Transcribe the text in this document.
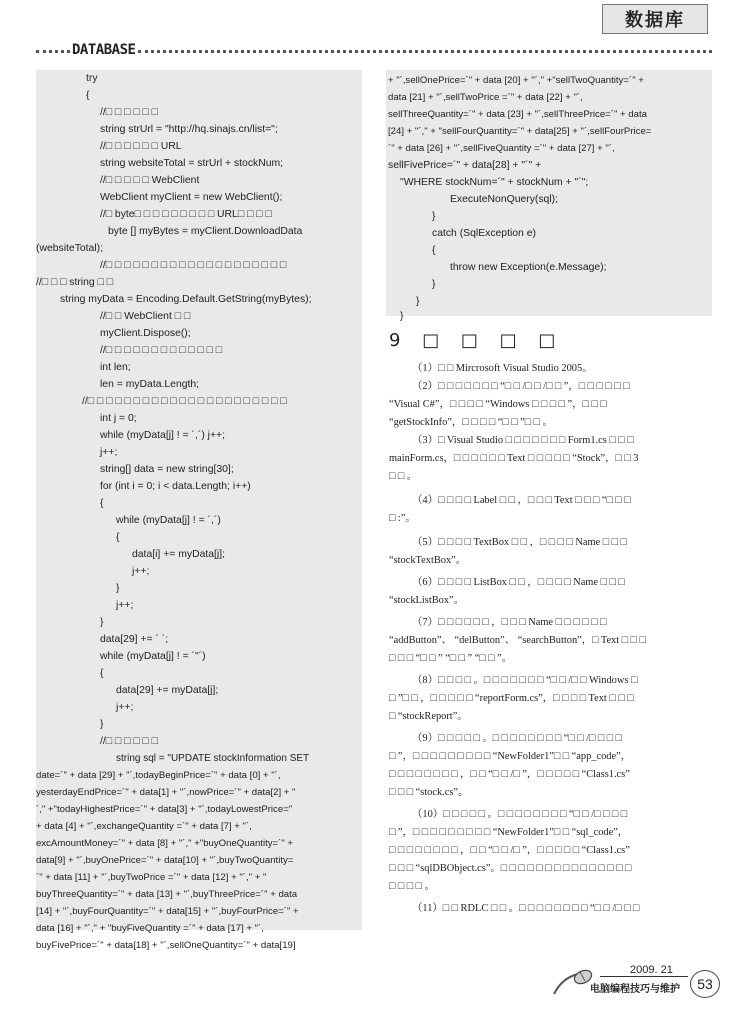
数据库
DATABASE
try
{
//□ □ □ □ □ □
string strUrl = "http://hq.sinajs.cn/list=";
//□ □ □ □ □ □ URL
string websiteTotal = strUrl + stockNum;
//□ □ □ □ □ WebClient
WebClient myClient = new WebClient();
//□ byte□ □ □ □ □ □ □ □ □ URL□ □ □ □
byte [] myBytes = myClient.DownloadData
(websiteTotal);
//□ □ □ □ □ □ □ □ □ □ □ □ □ □ □ □ □ □ □ □
//□ □ □ string □ □
string myData = Encoding.Default.GetString(myBytes);
//□ □ WebClient □ □
myClient.Dispose();
//□ □ □ □ □ □ □ □ □ □ □ □ □
int len;
len = myData.Length;
//□ □ □ □ □ □ □ □ □ □ □ □ □ □ □ □ □ □ □ □ □ □
int j = 0;
while (myData[j] ! = ´,´) j++;
j++;
string[] data = new string[30];
for (int i = 0; i < data.Length; i++)
{
while (myData[j] ! = ´,´)
{
data[i] += myData[j];
j++;
}
j++;
}
data[29] += ´ ´;
while (myData[j] ! = ´"´)
{
data[29] += myData[j];
j++;
}
//□ □ □ □ □ □
string sql = "UPDATE stockInformation SET
date=´" + data [29] + "´,todayBeginPrice=´" + data [0] + "´,
yesterdayEndPrice=´" + data[1] + "´,nowPrice=´" + data[2] + "
´," +"todayHighestPrice=´" + data[3] + "´,todayLowestPrice="
+ data [4] + "´,exchangeQuantity =´" + data [7] + "´,
excAmountMoney=´" + data [8] + "´," +"buyOneQuantity=´" +
data[9] + "´,buyOnePrice=´" + data[10] + "´,buyTwoQuantity=
´" + data [11] + "´,buyTwoPrice =´" + data [12] + "´," + "
buyThreeQuantity=´" + data [13] + "´,buyThreePrice=´" + data
[14] + "´,buyFourQuantity=´" + data[15] + "´,buyFourPrice=´" +
data [16] + "´," + "buyFiveQuantity =´" + data [17] + "´,
buyFivePrice=´" + data[18] + "´,sellOneQuantity=´" + data[19]
+ "´,sellOnePrice=´" + data [20] + "´," +"sellTwoQuantity=´" +
data [21] + "´,sellTwoPrice =´" + data [22] + "´,
sellThreeQuantity=´" + data [23] + "´,sellThreePrice=´" + data
[24] + "´," + "sellFourQuantity=´" + data[25] + "´,sellFourPrice=
´" + data [26] + "´,sellFiveQuantity =´" + data [27] + "´,
sellFivePrice=´" + data[28] + "´" +
"WHERE stockNum=´" + stockNum + "´";
ExecuteNonQuery(sql);
}
catch (SqlException e)
{
throw new Exception(e.Message);
}
}
}
9 □ □ □ □
（1）□ □ Mircrosoft Visual Studio 2005。
（2）□ □ □ □ □ □ □ “□ □ /□ □ /□ □ ”，□ □ □ □ □ □
“Visual C#”，□ □ □ □ “Windows □ □ □ □ ”，□ □ □
“getStockInfo”，□ □ □ □ “□ □ ”□ □ 。
（3）□ Visual Studio □ □ □ □ □ □ □ Form1.cs □ □ □
mainForm.cs，□ □ □ □ □ □ Text □ □ □ □ □ “Stock”，□ □ 3
□ □ 。
（4）□ □ □ □ Label □ □ ，□ □ □ Text □ □ □ “□ □ □
□ :”。
（5）□ □ □ □ TextBox □ □ ，□ □ □ □ Name □ □ □
“stockTextBox”。
（6）□ □ □ □ ListBox □ □ ，□ □ □ □ Name □ □ □
“stockListBox”。
（7）□ □ □ □ □ □ ，□ □ □ Name □ □ □ □ □ □
“addButton”、 “delButton”、 “searchButton”，□ Text □ □ □
□ □ □ “□ □ ” “□ □ ” “□ □ ”。
（8）□ □ □ □ 。□ □ □ □ □ □ □ “□ □ /□ □ Windows □
□ ”□ □ ，□ □ □ □ □ “reportForm.cs”，□ □ □ □ Text □ □ □
□ “stockReport”。
（9）□ □ □ □ □ 。□ □ □ □ □ □ □ □ “□ □ /□ □ □ □
□ ”，□ □ □ □ □ □ □ □ □ “NewFolder1”□ □ “app_code”，
□ □ □ □ □ □ □ □ ，□ □ “□ □ /□ ”，□ □ □ □ □ “Class1.cs”
□ □ □ “stock.cs”。
（10）□ □ □ □ □ 。□ □ □ □ □ □ □ □ “□ □ /□ □ □ □
□ ”，□ □ □ □ □ □ □ □ □ “NewFolder1”□ □ “sql_code”，
□ □ □ □ □ □ □ □ ，□ □ “□ □ /□ ”，□ □ □ □ □ “Class1.cs”
□ □ □ “sqlDBObject.cs”。□ □ □ □ □ □ □ □ □ □ □ □ □ □ □
□ □ □ □ 。
（11）□ □ RDLC □ □ 。□ □ □ □ □ □ □ □ “□ □ /□ □ □
2009. 21
电脑编程技巧与维护	53
